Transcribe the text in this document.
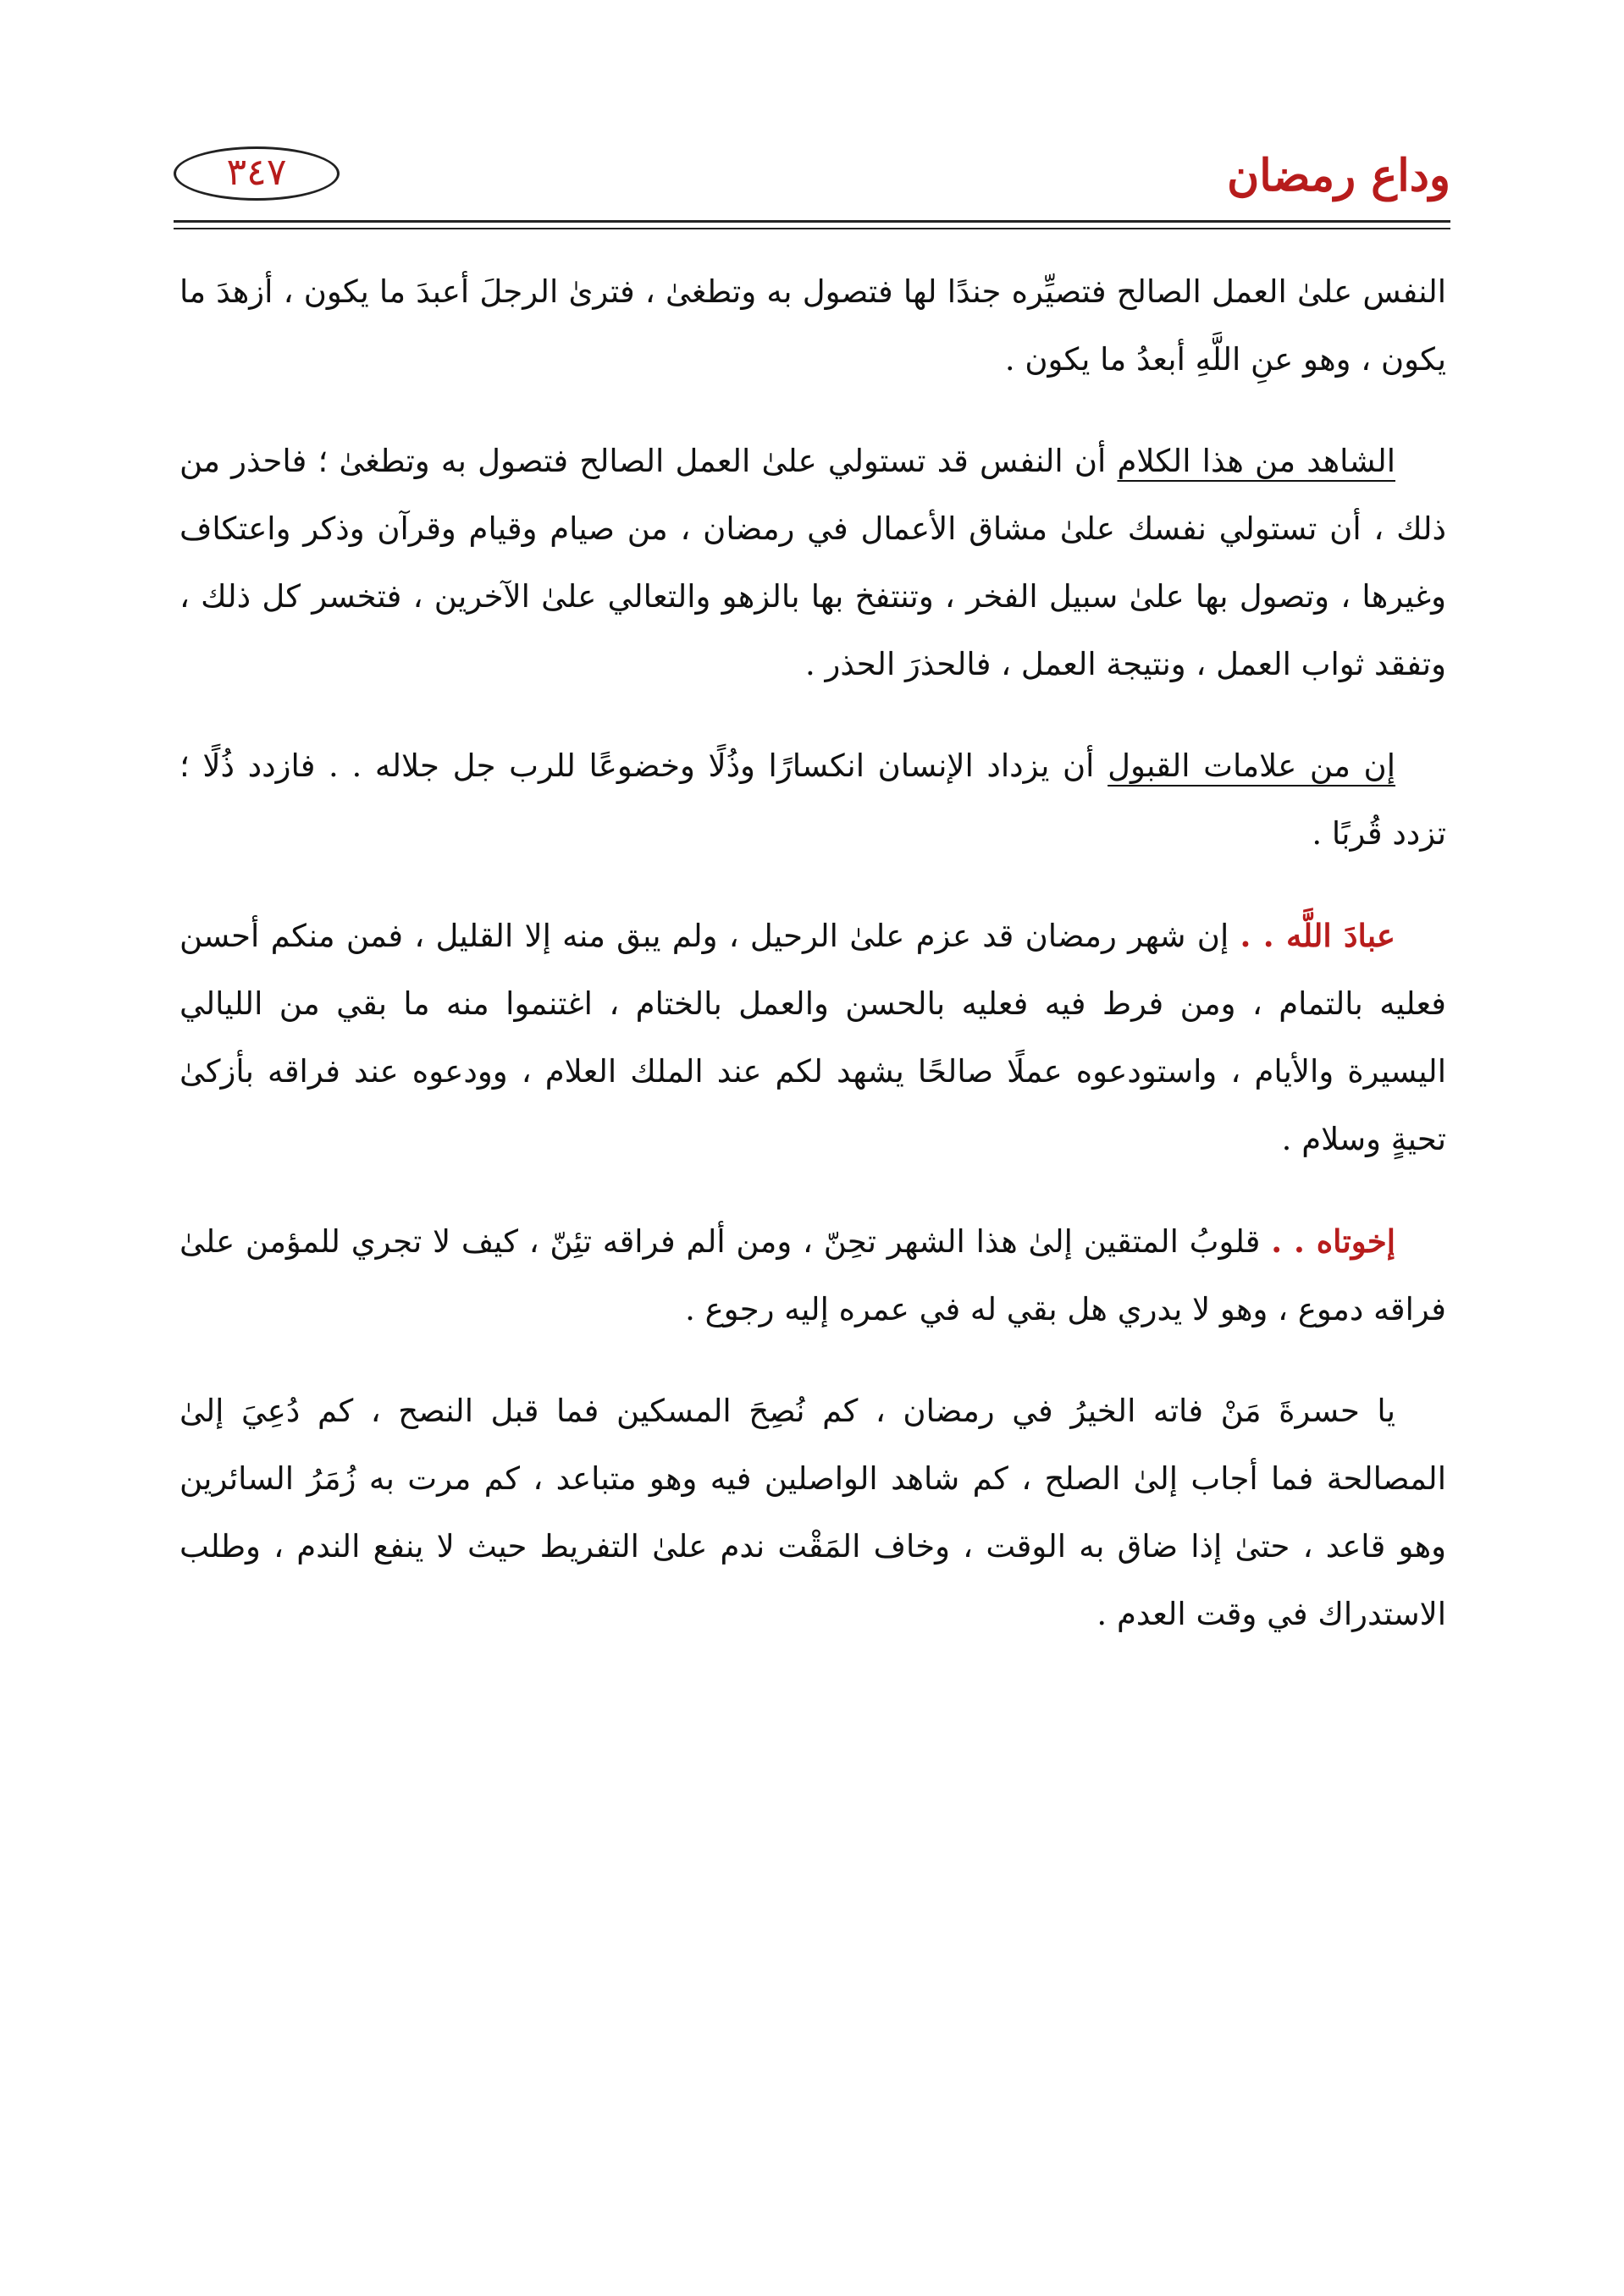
وداع رمضان
٣٤٧

النفس علىٰ العمل الصالح فتصيِّره جندًا لها فتصول به وتطغىٰ ، فترىٰ الرجلَ أعبدَ ما يكون ، أزهدَ ما يكون ، وهو عنِ اللَّهِ أبعدُ ما يكون .

الشاهد من هذا الكلام أن النفس قد تستولي علىٰ العمل الصالح فتصول به وتطغىٰ ؛ فاحذر من ذلك ، أن تستولي نفسك علىٰ مشاق الأعمال في رمضان ، من صيام وقيام وقرآن وذكر واعتكاف وغيرها ، وتصول بها علىٰ سبيل الفخر ، وتنتفخ بها بالزهو والتعالي علىٰ الآخرين ، فتخسر كل ذلك ، وتفقد ثواب العمل ، ونتيجة العمل ، فالحذرَ الحذر .

إن من علامات القبول أن يزداد الإنسان انكسارًا وذُلًا وخضوعًا للرب جل جلاله . . فازدد ذُلًا ؛ تزدد قُربًا .

عبادَ اللَّه . . إن شهر رمضان قد عزم علىٰ الرحيل ، ولم يبق منه إلا القليل ، فمن منكم أحسن فعليه بالتمام ، ومن فرط فيه فعليه بالحسن والعمل بالختام ، اغتنموا منه ما بقي من الليالي اليسيرة والأيام ، واستودعوه عملًا صالحًا يشهد لكم عند الملك العلام ، وودعوه عند فراقه بأزكىٰ تحيةٍ وسلام .

إخوتاه . . قلوبُ المتقين إلىٰ هذا الشهر تحِنّ ، ومن ألم فراقه تئِنّ ، كيف لا تجري للمؤمن علىٰ فراقه دموع ، وهو لا يدري هل بقي له في عمره إليه رجوع .

يا حسرةَ مَنْ فاته الخيرُ في رمضان ، كم نُصِحَ المسكين فما قبل النصح ، كم دُعِيَ إلىٰ المصالحة فما أجاب إلىٰ الصلح ، كم شاهد الواصلين فيه وهو متباعد ، كم مرت به زُمَرُ السائرين وهو قاعد ، حتىٰ إذا ضاق به الوقت ، وخاف المَقْت ندم علىٰ التفريط حيث لا ينفع الندم ، وطلب الاستدراك في وقت العدم .
